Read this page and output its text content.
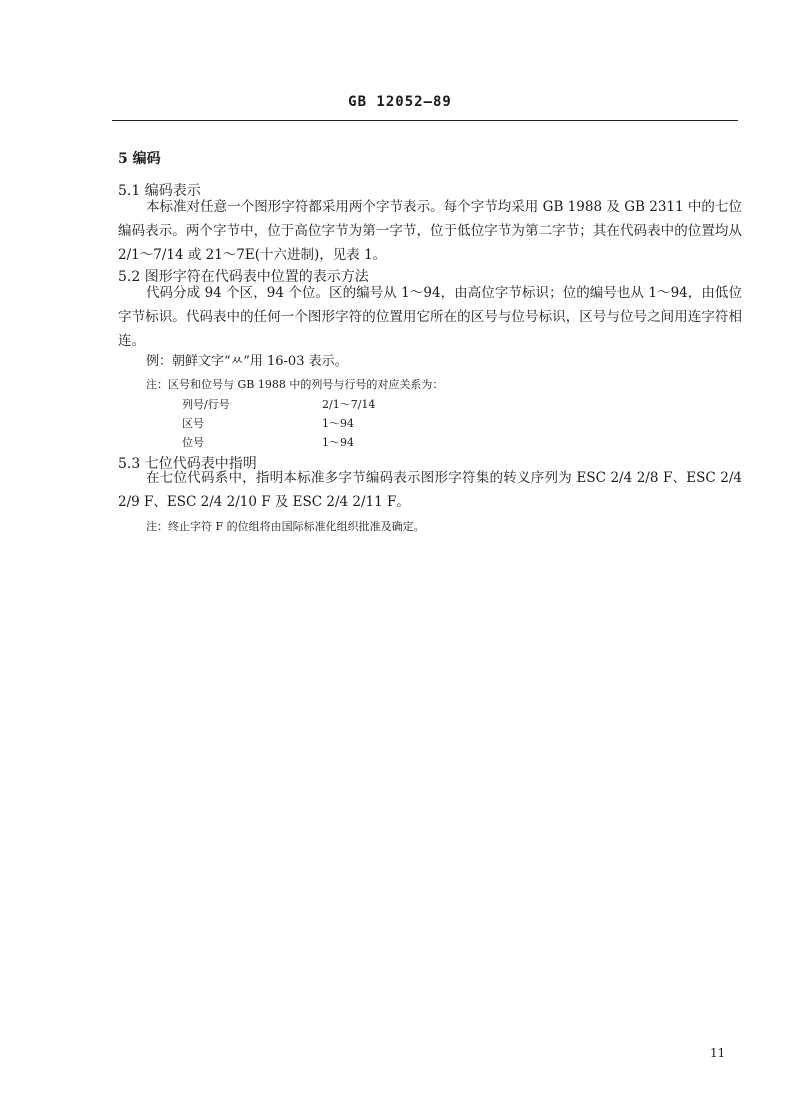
GB 12052—89
5 编码
5.1 编码表示
本标准对任意一个图形字符都采用两个字节表示。每个字节均采用 GB 1988 及 GB 2311 中的七位编码表示。两个字节中，位于高位字节为第一字节，位于低位字节为第二字节；其在代码表中的位置均从 2/1～7/14 或 21～7E(十六进制)，见表 1。
5.2 图形字符在代码表中位置的表示方法
代码分成 94 个区，94 个位。区的编号从 1～94，由高位字节标识；位的编号也从 1～94，由低位字节标识。代码表中的任何一个图形字符的位置用它所在的区号与位号标识，区号与位号之间用连字符相连。
例：朝鲜文字“ㅆ”用 16-03 表示。
注：区号和位号与 GB 1988 中的列号与行号的对应关系为：
列号/行号	2/1～7/14
区号	1～94
位号	1～94
5.3 七位代码表中指明
在七位代码系中，指明本标准多字节编码表示图形字符集的转义序列为 ESC 2/4 2/8 F、ESC 2/4 2/9 F、ESC 2/4 2/10 F 及 ESC 2/4 2/11 F。
注：终止字符 F 的位组将由国际标准化组织批准及确定。
11
